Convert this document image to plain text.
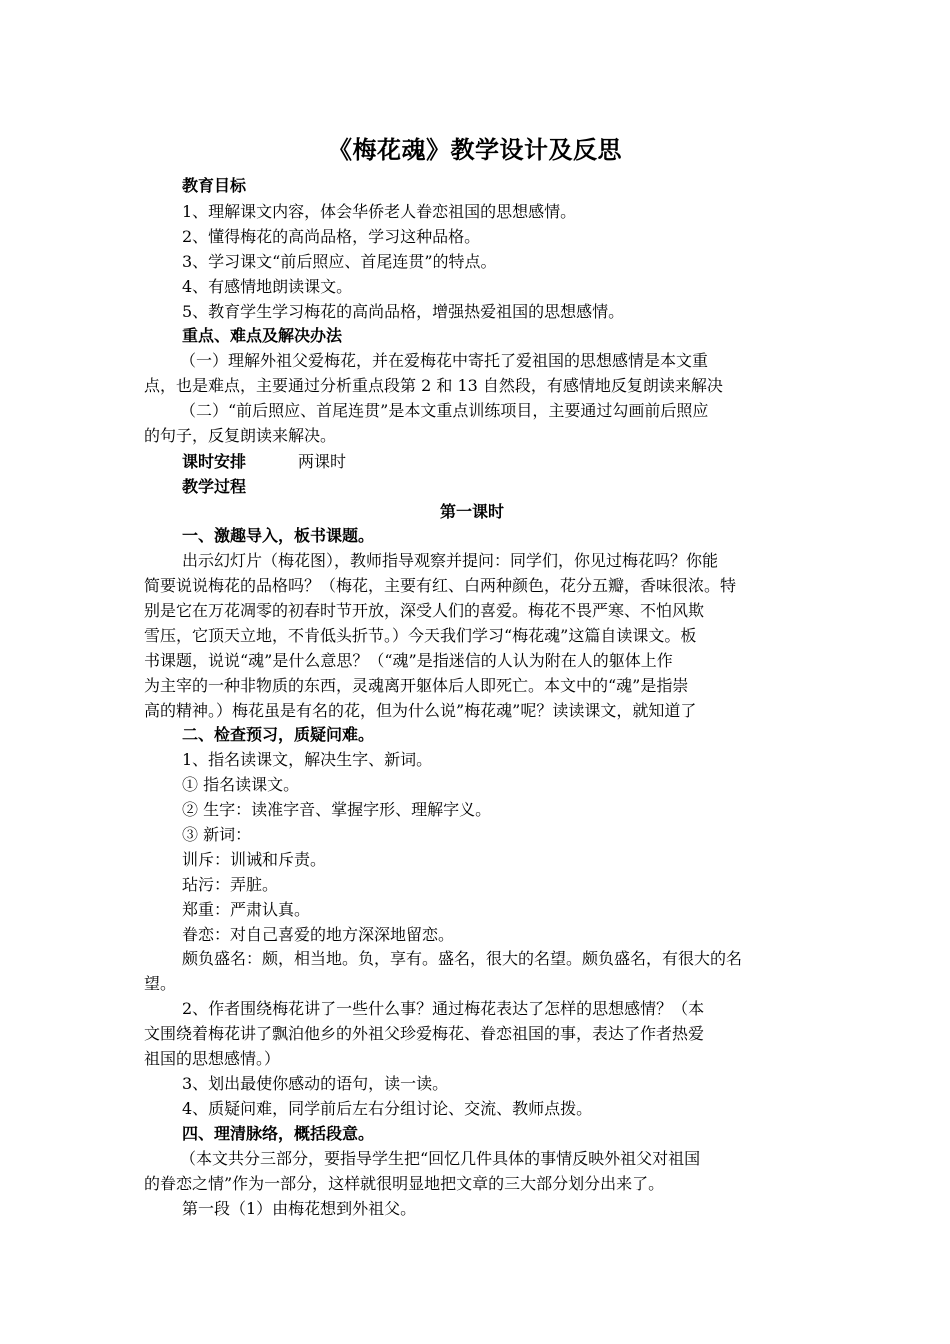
《梅花魂》教学设计及反思
教育目标
1、理解课文内容，体会华侨老人眷恋祖国的思想感情。
2、懂得梅花的高尚品格，学习这种品格。
3、学习课文“前后照应、首尾连贯”的特点。
4、有感情地朗读课文。
5、教育学生学习梅花的高尚品格，增强热爱祖国的思想感情。
重点、难点及解决办法
（一）理解外祖父爱梅花，并在爱梅花中寄托了爱祖国的思想感情是本文重
点，也是难点，主要通过分析重点段第 2 和 13 自然段，有感情地反复朗读来解决
（二）“前后照应、首尾连贯”是本文重点训练项目，主要通过勾画前后照应
的句子，反复朗读来解决。
课时安排	两课时
教学过程
第一课时
一、激趣导入，板书课题。
出示幻灯片（梅花图），教师指导观察并提问：同学们，你见过梅花吗？你能
简要说说梅花的品格吗？（梅花，主要有红、白两种颜色，花分五瓣，香味很浓。特
别是它在万花凋零的初春时节开放，深受人们的喜爱。梅花不畏严寒、不怕风欺
雪压，它顶天立地，不肯低头折节。）今天我们学习“梅花魂”这篇自读课文。板
书课题，说说“魂”是什么意思？（“魂”是指迷信的人认为附在人的躯体上作
为主宰的一种非物质的东西，灵魂离开躯体后人即死亡。本文中的“魂”是指崇
高的精神。）梅花虽是有名的花，但为什么说”梅花魂”呢？读读课文，就知道了
二、检查预习，质疑问难。
1、指名读课文，解决生字、新词。
① 指名读课文。
② 生字：读准字音、掌握字形、理解字义。
③ 新词：
训斥：训诫和斥责。
玷污：弄脏。
郑重：严肃认真。
眷恋：对自己喜爱的地方深深地留恋。
颇负盛名：颇，相当地。负，享有。盛名，很大的名望。颇负盛名，有很大的名
望。
2、作者围绕梅花讲了一些什么事？通过梅花表达了怎样的思想感情？（本
文围绕着梅花讲了飘泊他乡的外祖父珍爱梅花、眷恋祖国的事，表达了作者热爱
祖国的思想感情。）
3、划出最使你感动的语句，读一读。
4、质疑问难，同学前后左右分组讨论、交流、教师点拨。
四、理清脉络，概括段意。
（本文共分三部分，要指导学生把“回忆几件具体的事情反映外祖父对祖国
的眷恋之情”作为一部分，这样就很明显地把文章的三大部分划分出来了。
第一段（1）由梅花想到外祖父。
